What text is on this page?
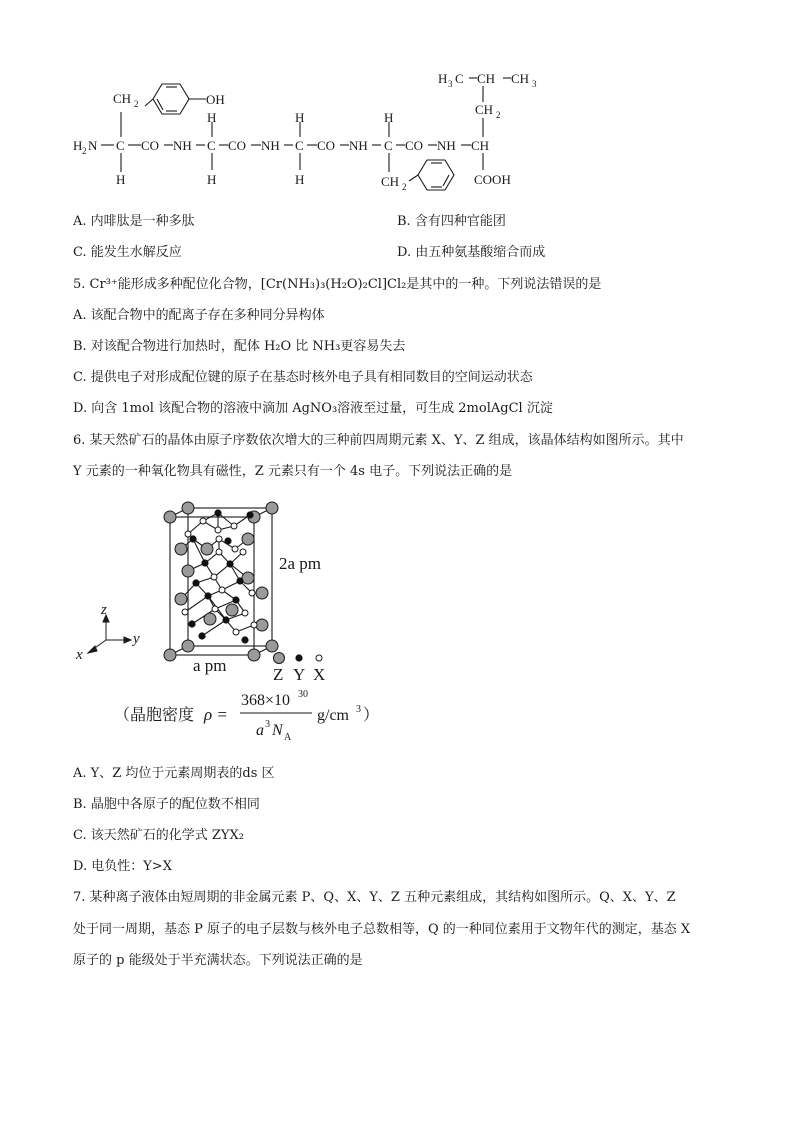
OH
CH 2
H 2 N C CO NH C CO NH C CO NH C CO NH CH
H
H
H
H
H
H
CH 2	COOH
CH 2
H 3 C CH CH 3
A. 内啡肽是一种多肽	B. 含有四种官能团
C. 能发生水解反应	D. 由五种氨基酸缩合而成
5. Cr³⁺能形成多种配位化合物，[Cr(NH₃)₃(H₂O)₂Cl]Cl₂是其中的一种。下列说法错误的是
A. 该配合物中的配离子存在多种同分异构体
B. 对该配合物进行加热时，配体 H₂O 比 NH₃更容易失去
C. 提供电子对形成配位键的原子在基态时核外电子具有相同数目的空间运动状态
D. 向含 1mol 该配合物的溶液中滴加 AgNO₃溶液至过量，可生成 2molAgCl 沉淀
6. 某天然矿石的晶体由原子序数依次增大的三种前四周期元素 X、Y、Z 组成，该晶体结构如图所示。其中
Y 元素的一种氧化物具有磁性，Z 元素只有一个 4s 电子。下列说法正确的是
z
y
x
2a pm
a pm	Z Y X
（晶胞密度 ρ =
368×10 30
a 3 N A
g/cm 3 ）
A. Y、Z 均位于元素周期表的ds 区
B. 晶胞中各原子的配位数不相同
C. 该天然矿石的化学式 ZYX₂
D. 电负性：Y>X
7. 某种离子液体由短周期的非金属元素 P、Q、X、Y、Z 五种元素组成，其结构如图所示。Q、X、Y、Z
处于同一周期，基态 P 原子的电子层数与核外电子总数相等，Q 的一种同位素用于文物年代的测定，基态 X
原子的 p 能级处于半充满状态。下列说法正确的是
